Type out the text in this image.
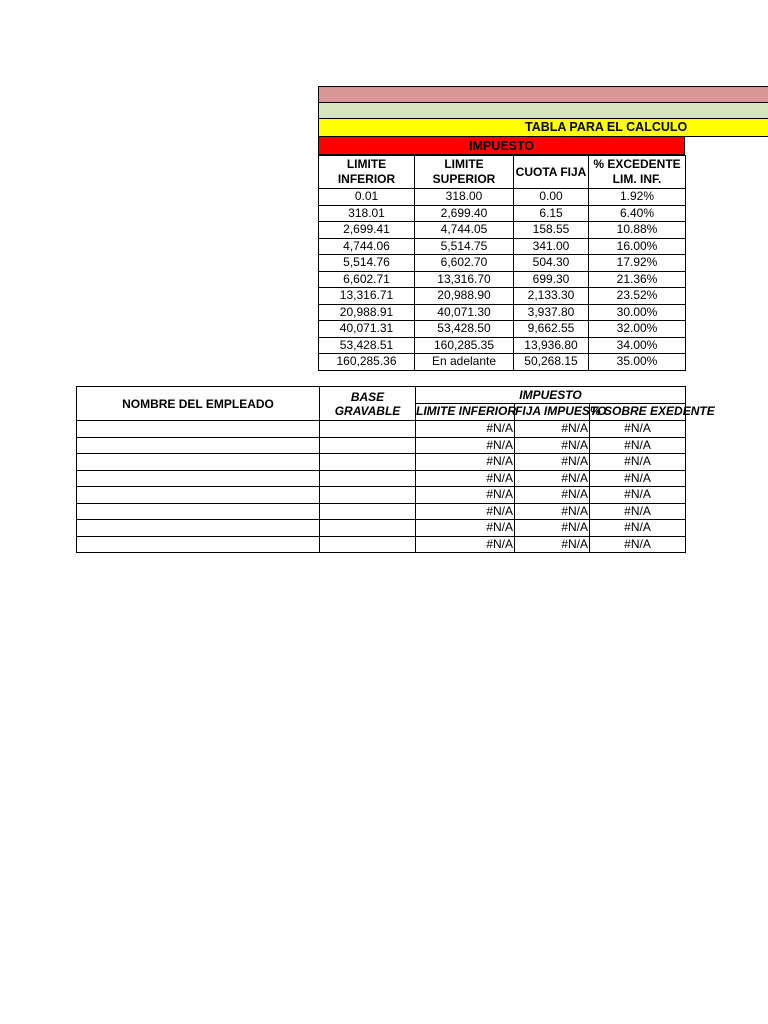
TABLA PARA EL CALCULO
IMPUESTO
LIMITE INFERIOR	LIMITE SUPERIOR	CUOTA FIJA	% EXCEDENTE LIM. INF.
0.01	318.00	0.00	1.92%
318.01	2,699.40	6.15	6.40%
2,699.41	4,744.05	158.55	10.88%
4,744.06	5,514.75	341.00	16.00%
5,514.76	6,602.70	504.30	17.92%
6,602.71	13,316.70	699.30	21.36%
13,316.71	20,988.90	2,133.30	23.52%
20,988.91	40,071.30	3,937.80	30.00%
40,071.31	53,428.50	9,662.55	32.00%
53,428.51	160,285.35	13,936.80	34.00%
160,285.36	En adelante	50,268.15	35.00%
NOMBRE DEL EMPLEADO	BASE GRAVABLE	IMPUESTO		

		LIMITE INFERIOR	FIJA IMPUESTO	% SOBRE EXEDENTE

		#N/A	#N/A	#N/A
		#N/A	#N/A	#N/A
		#N/A	#N/A	#N/A
		#N/A	#N/A	#N/A
		#N/A	#N/A	#N/A
		#N/A	#N/A	#N/A
		#N/A	#N/A	#N/A
		#N/A	#N/A	#N/A
